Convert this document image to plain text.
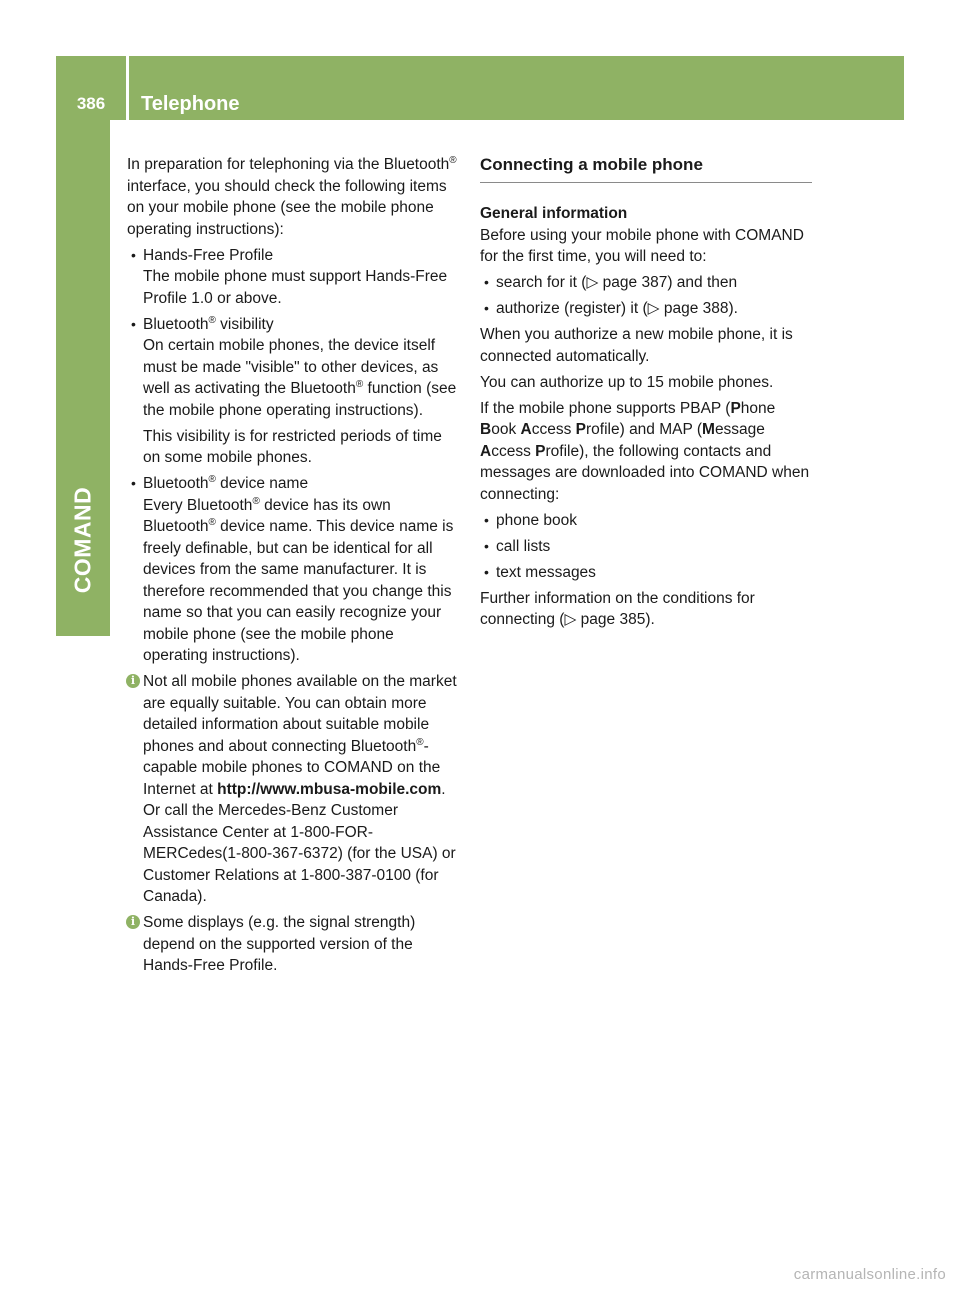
386	Telephone
COMAND

In preparation for telephoning via the Bluetooth® interface, you should check the following items on your mobile phone (see the mobile phone operating instructions):

• Hands-Free Profile

The mobile phone must support Hands-Free Profile 1.0 or above.

• Bluetooth® visibility

On certain mobile phones, the device itself must be made "visible" to other devices, as well as activating the Bluetooth® function (see the mobile phone operating instructions).

This visibility is for restricted periods of time on some mobile phones.

• Bluetooth® device name

Every Bluetooth® device has its own Bluetooth® device name. This device name is freely definable, but can be identical for all devices from the same manufacturer. It is therefore recommended that you change this name so that you can easily recognize your mobile phone (see the mobile phone operating instructions).

i Not all mobile phones available on the market are equally suitable. You can obtain more detailed information about suitable mobile phones and about connecting Bluetooth®-capable mobile phones to COMAND on the Internet at http://www.mbusa-mobile.com. Or call the Mercedes-Benz Customer Assistance Center at 1-800-FOR-MERCedes(1-800-367-6372) (for the USA) or Customer Relations at 1-800-387-0100 (for Canada).

i Some displays (e.g. the signal strength) depend on the supported version of the Hands-Free Profile.

Connecting a mobile phone

General information

Before using your mobile phone with COMAND for the first time, you will need to:

• search for it (▷ page 387) and then

• authorize (register) it (▷ page 388).

When you authorize a new mobile phone, it is connected automatically.

You can authorize up to 15 mobile phones.

If the mobile phone supports PBAP (Phone Book Access Profile) and MAP (Message Access Profile), the following contacts and messages are downloaded into COMAND when connecting:

• phone book

• call lists

• text messages

Further information on the conditions for connecting (▷ page 385).

carmanualsonline.info
